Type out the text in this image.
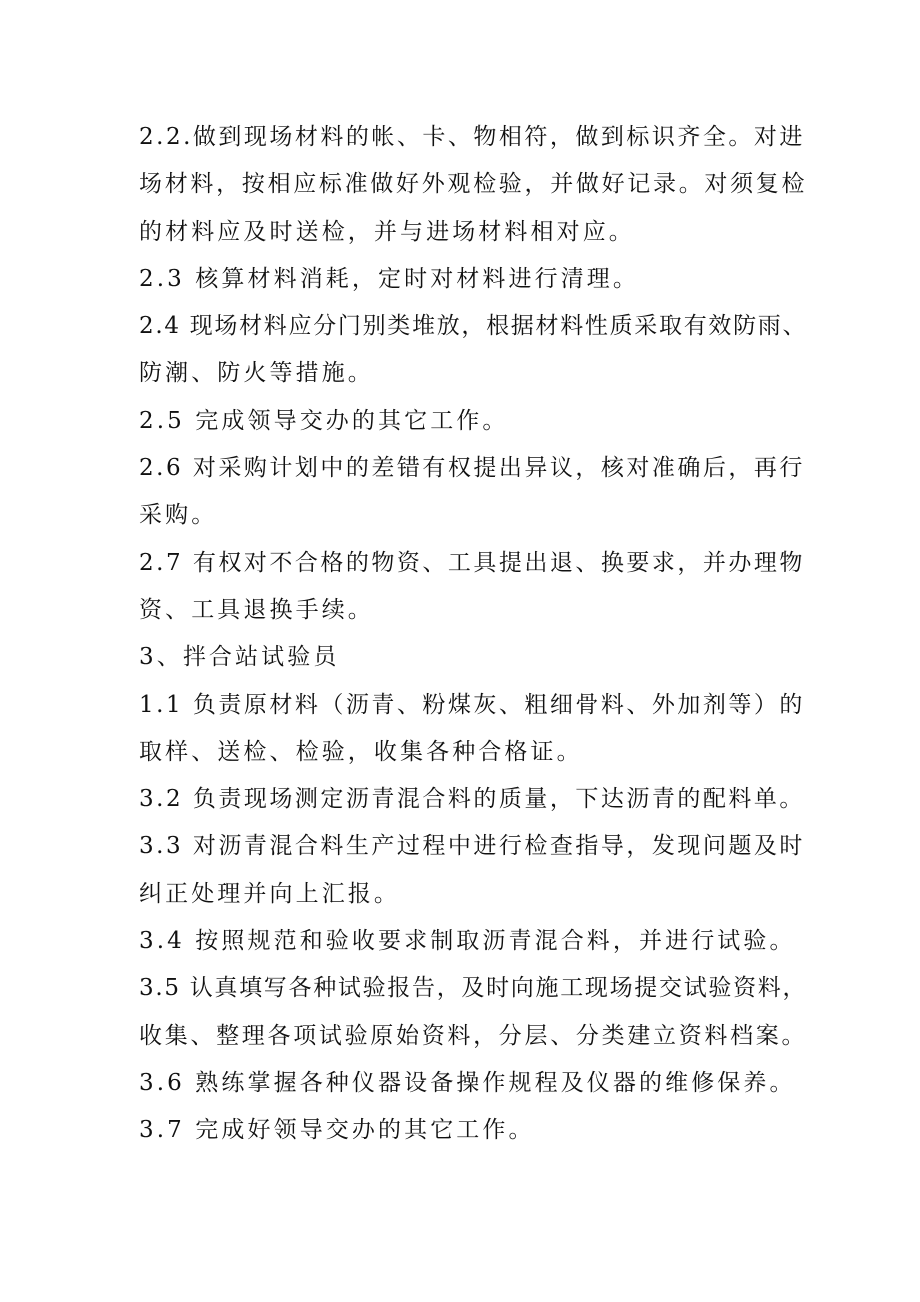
2.2.做到现场材料的帐、卡、物相符，做到标识齐全。对进
场材料，按相应标准做好外观检验，并做好记录。对须复检
的材料应及时送检，并与进场材料相对应。
2.3 核算材料消耗，定时对材料进行清理。
2.4 现场材料应分门别类堆放，根据材料性质采取有效防雨、
防潮、防火等措施。
2.5 完成领导交办的其它工作。
2.6 对采购计划中的差错有权提出异议，核对准确后，再行
采购。
2.7 有权对不合格的物资、工具提出退、换要求，并办理物
资、工具退换手续。
3、拌合站试验员
1.1 负责原材料（沥青、粉煤灰、粗细骨料、外加剂等）的
取样、送检、检验，收集各种合格证。
3.2 负责现场测定沥青混合料的质量，下达沥青的配料单。
3.3 对沥青混合料生产过程中进行检查指导，发现问题及时
纠正处理并向上汇报。
3.4 按照规范和验收要求制取沥青混合料，并进行试验。
3.5 认真填写各种试验报告，及时向施工现场提交试验资料，
收集、整理各项试验原始资料，分层、分类建立资料档案。
3.6 熟练掌握各种仪器设备操作规程及仪器的维修保养。
3.7 完成好领导交办的其它工作。
